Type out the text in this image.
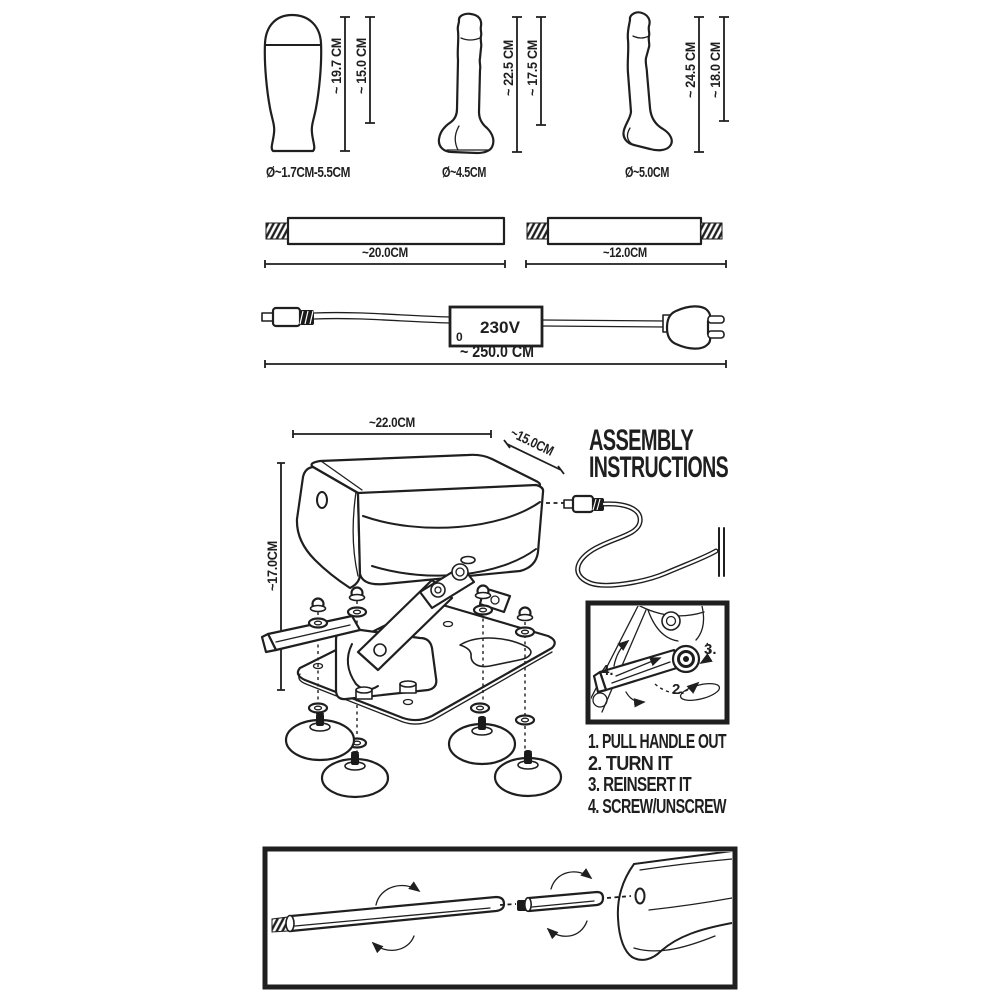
~ 19.7 CM ~ 15.0 CM
Ø~1.7CM-5.5CM
~ 22.5 CM ~ 17.5 CM
Ø~4.5CM
~ 24.5 CM ~ 18.0 CM
Ø~5.0CM
~20.0CM	~12.0CM
230V
0
~ 250.0 CM
~22.0CM
~15.0CM
~17.0CM
ASSEMBLY
INSTRUCTIONS
4.
2.
3.
1. PULL HANDLE OUT
2. TURN IT
3. REINSERT IT
4. SCREW/UNSCREW
